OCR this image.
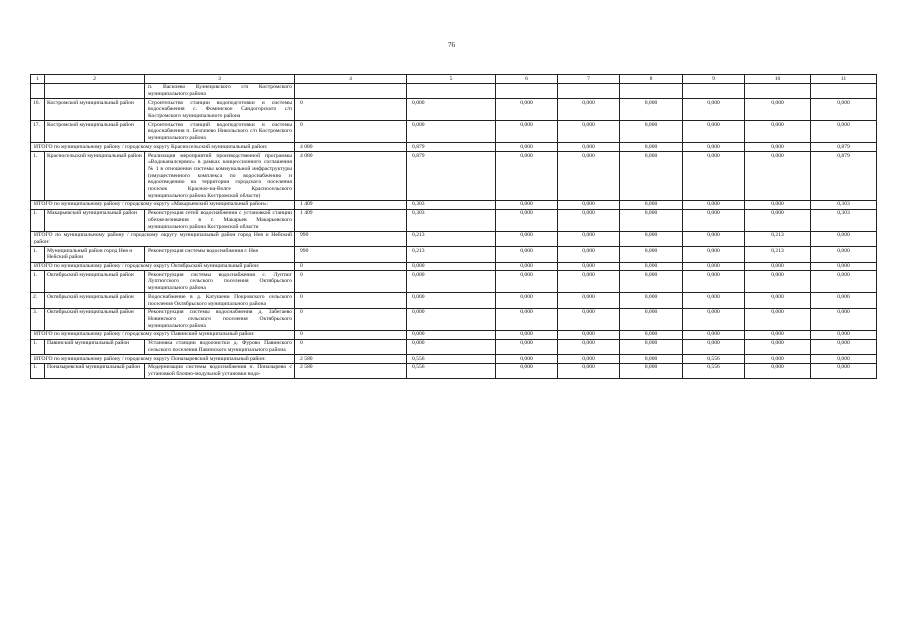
76
1	2	3	4	5	6	7	8	9	10	11
		п. Василево Кузнецовского с/п Костромского муниципального района								
16.	Костромской муниципальный район	Строительство станции водоподготовки и системы водоснабжения с. Фоминское Сандогорского с/п Костромского муниципального района	0	0,000	0,000	0,000	0,000	0,000	0,000	0,000
17.	Костромской муниципальный район	Строительство станций водоподготовки и системы водоснабжения п. Безгачево Никольского с/п Костромского муниципального района	0	0,000	0,000	0,000	0,000	0,000	0,000	0,000
ИТОГО по муниципальному району / городскому округу Красносельский муниципальный район:			4 080	0,879	0,000	0,000	0,000	0,000	0,000	0,879
1.	Красносельский муниципальный район	Реализация мероприятий производственной программы «Водоканалсервис» в рамках концессионного соглашения № 1 в отношении системы коммунальной инфраструктуры (имущественного комплекса по водоснабжению и водоотведению на территории городского поселения поселок Красное-на-Волге Красносельского муниципального района Костромской области)	4 080	0,879	0,000	0,000	0,000	0,000	0,000	0,879
ИТОГО по муниципальному району / городскому округу «Макарьевский муниципальный район»:			1 409	0,303	0,000	0,000	0,000	0,000	0,000	0,303
1.	Макарьевский муниципальный район	Реконструкция сетей водоснабжения с установкой станции обезжелезивания в г. Макарьев Макарьевского муниципального района Костромской области	1 409	0,303	0,000	0,000	0,000	0,000	0,000	0,303
ИТОГО по муниципальному району / городскому округу муниципальный район город Нея и Нейский район:			990	0,213	0,000	0,000	0,000	0,000	0,213	0,000
1.	Муниципальный район город Нея и Нейский район	Реконструкция системы водоснабжения г. Нея	990	0,213	0,000	0,000	0,000	0,000	0,213	0,000
ИТОГО по муниципальному району / городскому округу Октябрьский муниципальный район:			0	0,000	0,000	0,000	0,000	0,000	0,000	0,000
1.	Октябрьский муниципальный район	Реконструкция системы водоснабжения с. Луптюг Луптюгского сельского поселения Октябрьского муниципального района	0	0,000	0,000	0,000	0,000	0,000	0,000	0,000
2.	Октябрьский муниципальный район	Водоснабжение в д. Катушени Покровского сельского поселения Октябрьского муниципального района	0	0,000	0,000	0,000	0,000	0,000	0,000	0,000
3.	Октябрьский муниципальный район	Реконструкция системы водоснабжения д. Забегаево Новинского сельского поселения Октябрьского муниципального района	0	0,000	0,000	0,000	0,000	0,000	0,000	0,000
ИТОГО по муниципальному району / городскому округу Павинский муниципальный район:			0	0,000	0,000	0,000	0,000	0,000	0,000	0,000
1.	Павинский муниципальный район	Установка станции водоочистки д. Фурово Павинского сельского поселения Павинского муниципального района	0	0,000	0,000	0,000	0,000	0,000	0,000	0,000
ИТОГО по муниципальному району / городскому округу Поназыревский муниципальный район:			2 580	0,556	0,000	0,000	0,000	0,556	0,000	0,000
1.	Поназыревский муниципальный район	Модернизация системы водоснабжения п. Поназырево с установкой блочно-модульной установки водо-	2 580	0,556	0,000	0,000	0,000	0,556	0,000	0,000
